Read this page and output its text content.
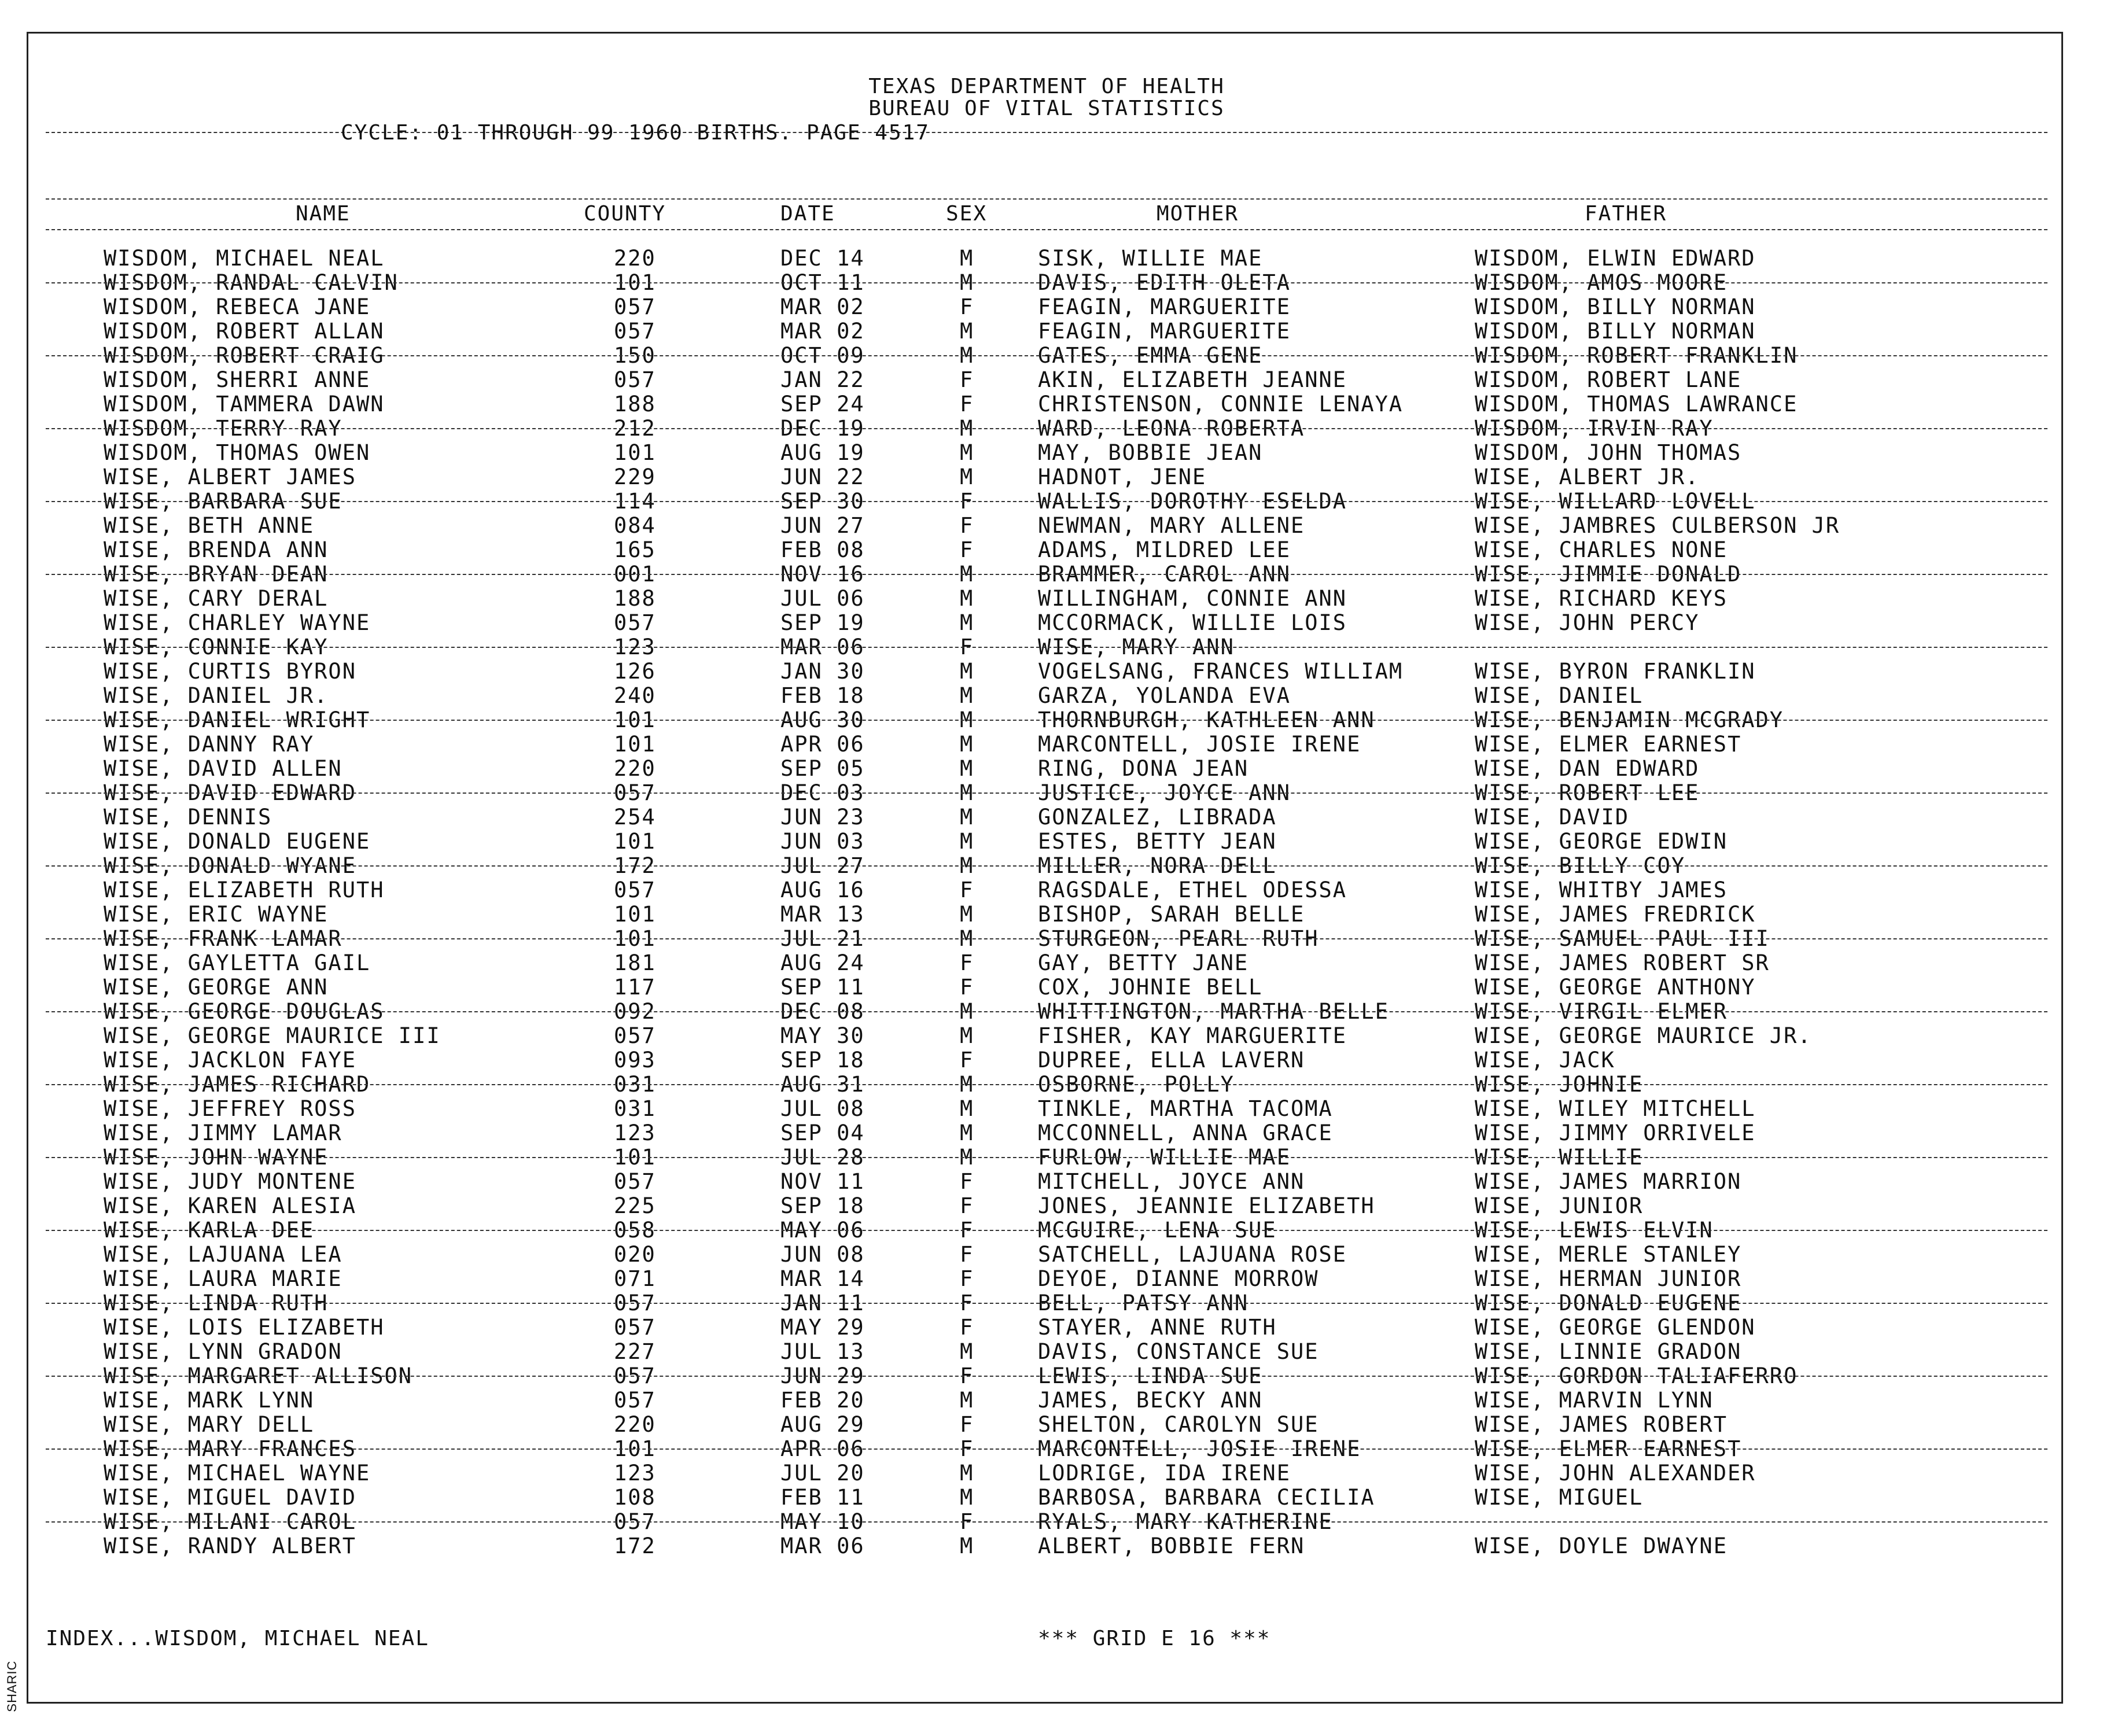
TEXAS DEPARTMENT OF HEALTH
BUREAU OF VITAL STATISTICS
CYCLE: 01 THROUGH 99 1960 BIRTHS. PAGE 4517
NAME	COUNTY	DATE	SEX	MOTHER	FATHER
WISDOM, MICHAEL NEAL	220	DEC 14	M	SISK, WILLIE MAE	WISDOM, ELWIN EDWARD
WISDOM, RANDAL CALVIN	101	OCT 11	M	DAVIS, EDITH OLETA	WISDOM, AMOS MOORE
WISDOM, REBECA JANE	057	MAR 02	F	FEAGIN, MARGUERITE	WISDOM, BILLY NORMAN
WISDOM, ROBERT ALLAN	057	MAR 02	M	FEAGIN, MARGUERITE	WISDOM, BILLY NORMAN
WISDOM, ROBERT CRAIG	150	OCT 09	M	GATES, EMMA GENE	WISDOM, ROBERT FRANKLIN
WISDOM, SHERRI ANNE	057	JAN 22	F	AKIN, ELIZABETH JEANNE	WISDOM, ROBERT LANE
WISDOM, TAMMERA DAWN	188	SEP 24	F	CHRISTENSON, CONNIE LENAYA	WISDOM, THOMAS LAWRANCE
WISDOM, TERRY RAY	212	DEC 19	M	WARD, LEONA ROBERTA	WISDOM, IRVIN RAY
WISDOM, THOMAS OWEN	101	AUG 19	M	MAY, BOBBIE JEAN	WISDOM, JOHN THOMAS
WISE, ALBERT JAMES	229	JUN 22	M	HADNOT, JENE	WISE, ALBERT JR.
WISE, BARBARA SUE	114	SEP 30	F	WALLIS, DOROTHY ESELDA	WISE, WILLARD LOVELL
WISE, BETH ANNE	084	JUN 27	F	NEWMAN, MARY ALLENE	WISE, JAMBRES CULBERSON JR
WISE, BRENDA ANN	165	FEB 08	F	ADAMS, MILDRED LEE	WISE, CHARLES NONE
WISE, BRYAN DEAN	001	NOV 16	M	BRAMMER, CAROL ANN	WISE, JIMMIE DONALD
WISE, CARY DERAL	188	JUL 06	M	WILLINGHAM, CONNIE ANN	WISE, RICHARD KEYS
WISE, CHARLEY WAYNE	057	SEP 19	M	MCCORMACK, WILLIE LOIS	WISE, JOHN PERCY
WISE, CONNIE KAY	123	MAR 06	F	WISE, MARY ANN
WISE, CURTIS BYRON	126	JAN 30	M	VOGELSANG, FRANCES WILLIAM	WISE, BYRON FRANKLIN
WISE, DANIEL JR.	240	FEB 18	M	GARZA, YOLANDA EVA	WISE, DANIEL
WISE, DANIEL WRIGHT	101	AUG 30	M	THORNBURGH, KATHLEEN ANN	WISE, BENJAMIN MCGRADY
WISE, DANNY RAY	101	APR 06	M	MARCONTELL, JOSIE IRENE	WISE, ELMER EARNEST
WISE, DAVID ALLEN	220	SEP 05	M	RING, DONA JEAN	WISE, DAN EDWARD
WISE, DAVID EDWARD	057	DEC 03	M	JUSTICE, JOYCE ANN	WISE, ROBERT LEE
WISE, DENNIS	254	JUN 23	M	GONZALEZ, LIBRADA	WISE, DAVID
WISE, DONALD EUGENE	101	JUN 03	M	ESTES, BETTY JEAN	WISE, GEORGE EDWIN
WISE, DONALD WYANE	172	JUL 27	M	MILLER, NORA DELL	WISE, BILLY COY
WISE, ELIZABETH RUTH	057	AUG 16	F	RAGSDALE, ETHEL ODESSA	WISE, WHITBY JAMES
WISE, ERIC WAYNE	101	MAR 13	M	BISHOP, SARAH BELLE	WISE, JAMES FREDRICK
WISE, FRANK LAMAR	101	JUL 21	M	STURGEON, PEARL RUTH	WISE, SAMUEL PAUL III
WISE, GAYLETTA GAIL	181	AUG 24	F	GAY, BETTY JANE	WISE, JAMES ROBERT SR
WISE, GEORGE ANN	117	SEP 11	F	COX, JOHNIE BELL	WISE, GEORGE ANTHONY
WISE, GEORGE DOUGLAS	092	DEC 08	M	WHITTINGTON, MARTHA BELLE	WISE, VIRGIL ELMER
WISE, GEORGE MAURICE III	057	MAY 30	M	FISHER, KAY MARGUERITE	WISE, GEORGE MAURICE JR.
WISE, JACKLON FAYE	093	SEP 18	F	DUPREE, ELLA LAVERN	WISE, JACK
WISE, JAMES RICHARD	031	AUG 31	M	OSBORNE, POLLY	WISE, JOHNIE
WISE, JEFFREY ROSS	031	JUL 08	M	TINKLE, MARTHA TACOMA	WISE, WILEY MITCHELL
WISE, JIMMY LAMAR	123	SEP 04	M	MCCONNELL, ANNA GRACE	WISE, JIMMY ORRIVELE
WISE, JOHN WAYNE	101	JUL 28	M	FURLOW, WILLIE MAE	WISE, WILLIE
WISE, JUDY MONTENE	057	NOV 11	F	MITCHELL, JOYCE ANN	WISE, JAMES MARRION
WISE, KAREN ALESIA	225	SEP 18	F	JONES, JEANNIE ELIZABETH	WISE, JUNIOR
WISE, KARLA DEE	058	MAY 06	F	MCGUIRE, LENA SUE	WISE, LEWIS ELVIN
WISE, LAJUANA LEA	020	JUN 08	F	SATCHELL, LAJUANA ROSE	WISE, MERLE STANLEY
WISE, LAURA MARIE	071	MAR 14	F	DEYOE, DIANNE MORROW	WISE, HERMAN JUNIOR
WISE, LINDA RUTH	057	JAN 11	F	BELL, PATSY ANN	WISE, DONALD EUGENE
WISE, LOIS ELIZABETH	057	MAY 29	F	STAYER, ANNE RUTH	WISE, GEORGE GLENDON
WISE, LYNN GRADON	227	JUL 13	M	DAVIS, CONSTANCE SUE	WISE, LINNIE GRADON
WISE, MARGARET ALLISON	057	JUN 29	F	LEWIS, LINDA SUE	WISE, GORDON TALIAFERRO
WISE, MARK LYNN	057	FEB 20	M	JAMES, BECKY ANN	WISE, MARVIN LYNN
WISE, MARY DELL	220	AUG 29	F	SHELTON, CAROLYN SUE	WISE, JAMES ROBERT
WISE, MARY FRANCES	101	APR 06	F	MARCONTELL, JOSIE IRENE	WISE, ELMER EARNEST
WISE, MICHAEL WAYNE	123	JUL 20	M	LODRIGE, IDA IRENE	WISE, JOHN ALEXANDER
WISE, MIGUEL DAVID	108	FEB 11	M	BARBOSA, BARBARA CECILIA	WISE, MIGUEL
WISE, MILANI CAROL	057	MAY 10	F	RYALS, MARY KATHERINE
WISE, RANDY ALBERT	172	MAR 06	M	ALBERT, BOBBIE FERN	WISE, DOYLE DWAYNE
INDEX...WISDOM, MICHAEL NEAL	*** GRID E 16 ***
SHARIC
